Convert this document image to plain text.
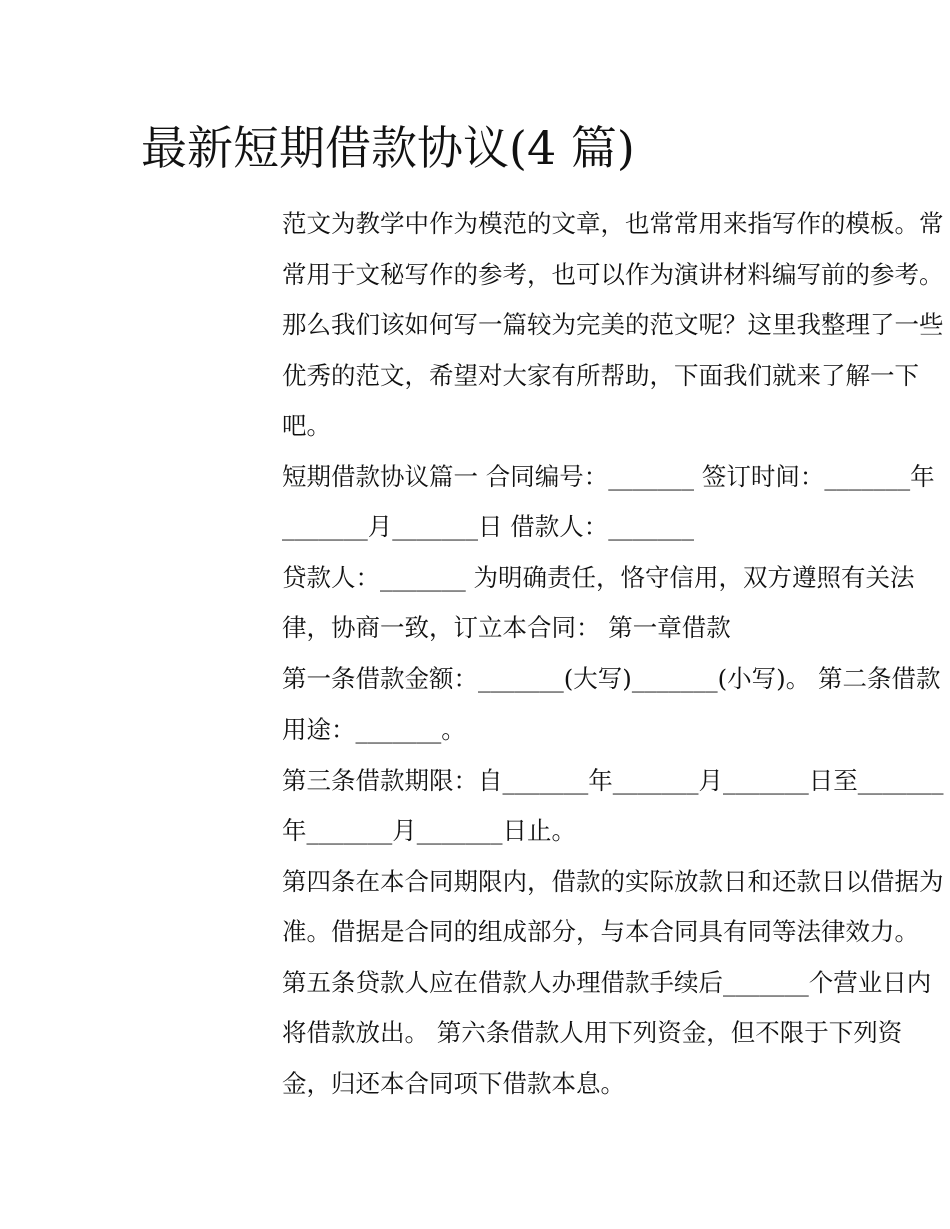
最新短期借款协议(4 篇)

范文为教学中作为模范的文章，也常常用来指写作的模板。常

常用于文秘写作的参考，也可以作为演讲材料编写前的参考。

那么我们该如何写一篇较为完美的范文呢？这里我整理了一些

优秀的范文，希望对大家有所帮助，下面我们就来了解一下

吧。

短期借款协议篇一 合同编号：_______ 签订时间：_______年

_______月_______日 借款人：_______

贷款人：_______ 为明确责任，恪守信用，双方遵照有关法

律，协商一致，订立本合同： 第一章借款

第一条借款金额：_______(大写)_______(小写)。 第二条借款

用途：_______。

第三条借款期限：自_______年_______月_______日至_______

年_______月_______日止。

第四条在本合同期限内，借款的实际放款日和还款日以借据为

准。借据是合同的组成部分，与本合同具有同等法律效力。

第五条贷款人应在借款人办理借款手续后_______个营业日内

将借款放出。 第六条借款人用下列资金，但不限于下列资

金，归还本合同项下借款本息。
